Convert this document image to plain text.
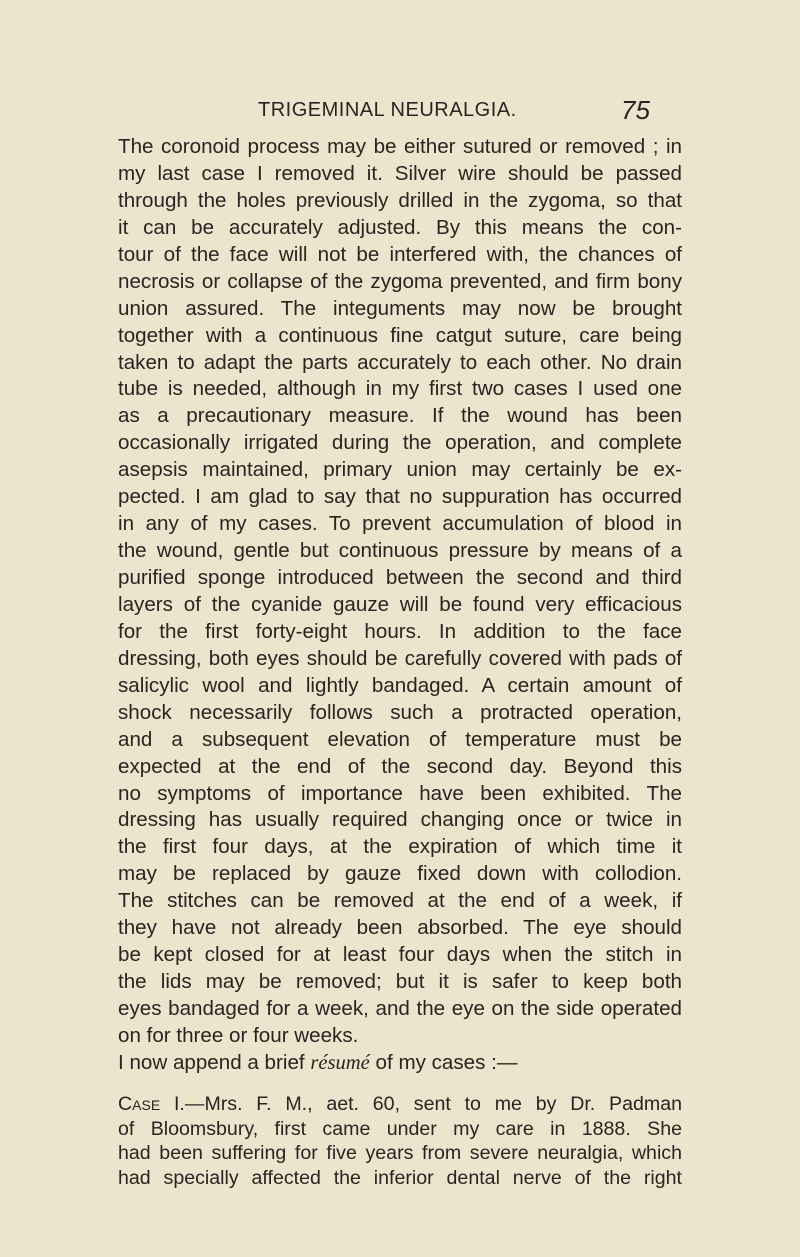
TRIGEMINAL NEURALGIA.	75
The coronoid process may be either sutured or removed ; in
my last case I removed it. Silver wire should be passed
through the holes previously drilled in the zygoma, so that
it can be accurately adjusted. By this means the con-
tour of the face will not be interfered with, the chances of
necrosis or collapse of the zygoma prevented, and firm bony
union assured. The integuments may now be brought
together with a continuous fine catgut suture, care being
taken to adapt the parts accurately to each other. No drain
tube is needed, although in my first two cases I used one
as a precautionary measure. If the wound has been
occasionally irrigated during the operation, and complete
asepsis maintained, primary union may certainly be ex-
pected. I am glad to say that no suppuration has occurred
in any of my cases. To prevent accumulation of blood in
the wound, gentle but continuous pressure by means of a
purified sponge introduced between the second and third
layers of the cyanide gauze will be found very efficacious
for the first forty-eight hours. In addition to the face
dressing, both eyes should be carefully covered with pads of
salicylic wool and lightly bandaged. A certain amount of
shock necessarily follows such a protracted operation,
and a subsequent elevation of temperature must be
expected at the end of the second day. Beyond this
no symptoms of importance have been exhibited. The
dressing has usually required changing once or twice in
the first four days, at the expiration of which time it
may be replaced by gauze fixed down with collodion.
The stitches can be removed at the end of a week, if
they have not already been absorbed. The eye should
be kept closed for at least four days when the stitch in
the lids may be removed; but it is safer to keep both
eyes bandaged for a week, and the eye on the side operated
on for three or four weeks.
I now append a brief résumé of my cases :—
Case I.—Mrs. F. M., aet. 60, sent to me by Dr. Padman
of Bloomsbury, first came under my care in 1888. She
had been suffering for five years from severe neuralgia, which
had specially affected the inferior dental nerve of the right
